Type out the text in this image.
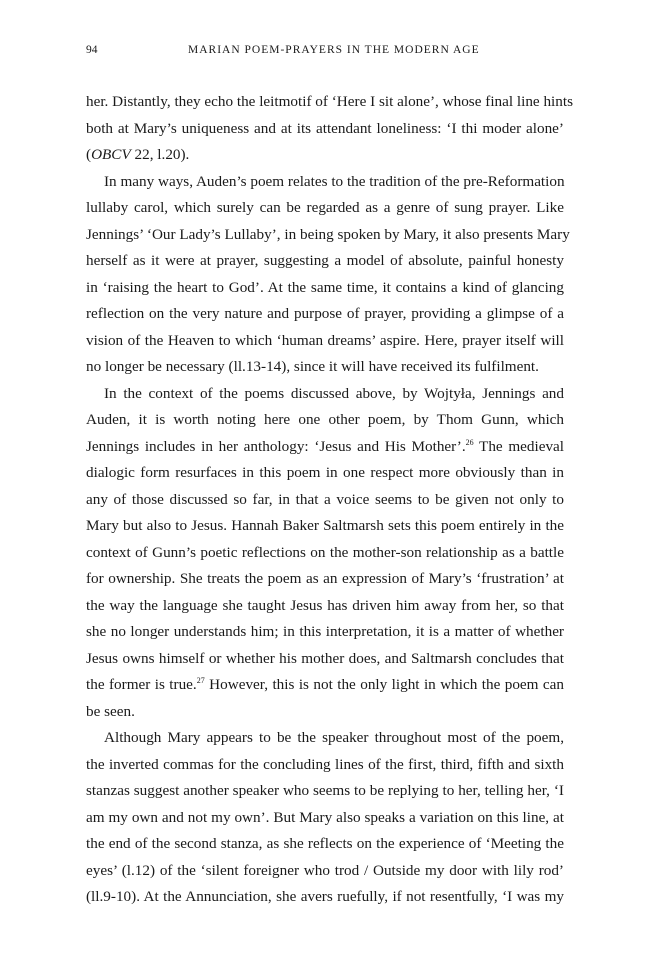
94	MARIAN POEM-PRAYERS IN THE MODERN AGE

her. Distantly, they echo the leitmotif of ‘Here I sit alone’, whose final line hints
both at Mary’s uniqueness and at its attendant loneliness: ‘I thi moder alone’
(OBCV 22, l.20).

In many ways, Auden’s poem relates to the tradition of the pre-Reformation
lullaby carol, which surely can be regarded as a genre of sung prayer. Like
Jennings’ ‘Our Lady’s Lullaby’, in being spoken by Mary, it also presents Mary
herself as it were at prayer, suggesting a model of absolute, painful honesty
in ‘raising the heart to God’. At the same time, it contains a kind of glancing
reflection on the very nature and purpose of prayer, providing a glimpse of a
vision of the Heaven to which ‘human dreams’ aspire. Here, prayer itself will
no longer be necessary (ll.13-14), since it will have received its fulfilment.

In the context of the poems discussed above, by Wojtyła, Jennings and
Auden, it is worth noting here one other poem, by Thom Gunn, which
Jennings includes in her anthology: ‘Jesus and His Mother’.$^{26}$ The medieval
dialogic form resurfaces in this poem in one respect more obviously than in
any of those discussed so far, in that a voice seems to be given not only to
Mary but also to Jesus. Hannah Baker Saltmarsh sets this poem entirely in the
context of Gunn’s poetic reflections on the mother-son relationship as a battle
for ownership. She treats the poem as an expression of Mary’s ‘frustration’ at
the way the language she taught Jesus has driven him away from her, so that
she no longer understands him; in this interpretation, it is a matter of whether
Jesus owns himself or whether his mother does, and Saltmarsh concludes that
the former is true.$^{27}$ However, this is not the only light in which the poem can
be seen.

Although Mary appears to be the speaker throughout most of the poem,
the inverted commas for the concluding lines of the first, third, fifth and sixth
stanzas suggest another speaker who seems to be replying to her, telling her, ‘I
am my own and not my own’. But Mary also speaks a variation on this line, at
the end of the second stanza, as she reflects on the experience of ‘Meeting the
eyes’ (l.12) of the ‘silent foreigner who trod / Outside my door with lily rod’
(ll.9-10). At the Annunciation, she avers ruefully, if not resentfully, ‘I was my
